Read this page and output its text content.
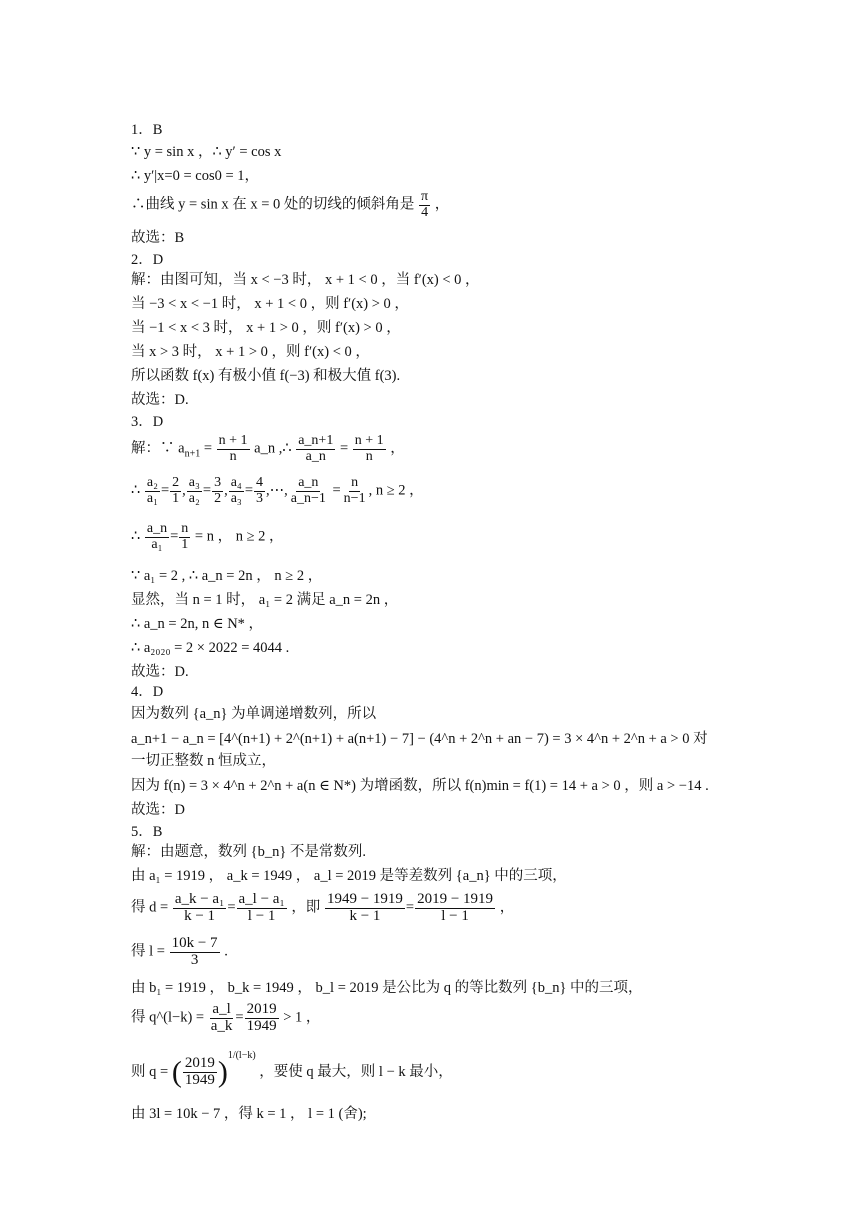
1．B
∵ y = sin x ，∴ y′ = cos x
∴ y′|x=0 = cos0 = 1，
∴曲线 y = sin x 在 x = 0 处的切线的倾斜角是 $\frac{\pi}{4}$ ，
故选：B
2．D
解：由图可知，当 x < −3 时， x + 1 < 0 ，当 f′(x) < 0 ，
当 −3 < x < −1 时， x + 1 < 0 ，则 f′(x) > 0 ，
当 −1 < x < 3 时， x + 1 > 0 ，则 f′(x) > 0 ，
当 x > 3 时， x + 1 > 0 ，则 f′(x) < 0 ，
所以函数 f(x) 有极小值 f(−3) 和极大值 f(3).
故选：D.
3．D
解：∵ $a_{n+1} = \frac{n + 1}{n}$ a_n ,∴ $\frac{a\_n+1}{a\_n} = \frac{n + 1}{n}$ ，
∴ $\frac{\text{a₂}}{\text{a₁}} = \frac{2}{1}$ , $\frac{\text{a₃}}{\text{a₂}} = \frac{3}{2}$ , $\frac{\text{a₄}}{\text{a₃}} = \frac{4}{3}$ ,⋯, $\frac{a\_n}{a\_n-1} = \frac{n}{n-1}$ , n ≥ 2 ，
∴ $\frac{a\_n}{\text{a₁}} = \frac{n}{1} = n$ ， n ≥ 2 ，
∵ a₁ = 2 , ∴ a_n = 2n ， n ≥ 2 ，
显然，当 n = 1 时， a₁ = 2 满足 a_n = 2n ，
∴ a_n = 2n, n ∈ N* ，
∴ a₂₀₂₀ = 2 × 2022 = 4044 .
故选：D.
4．D
因为数列 {a_n} 为单调递增数列，所以
a_n+1 − a_n = [4^(n+1) + 2^(n+1) + a(n+1) − 7] − (4^n + 2^n + an − 7) = 3 × 4^n + 2^n + a > 0 对一切正整数 n 恒成立，
因为 f(n) = 3 × 4^n + 2^n + a(n ∈ N*) 为增函数，所以 f(n)min = f(1) = 14 + a > 0 ，则 a > −14 .
故选：D
5．B
解：由题意，数列 {b_n} 不是常数列.
由 a₁ = 1919 ， a_k = 1949 ， a_l = 2019 是等差数列 {a_n} 中的三项，
得 $d = \frac{\text{a\_k − a₁}}{k - 1} = \frac{\text{a\_l − a₁}}{l - 1}$ ，即 $\frac{1949 - 1919}{k - 1} = \frac{2019 - 1919}{l - 1}$ ，
得 $l = \frac{10k - 7}{3}$ .
由 b₁ = 1919 ， b_k = 1949 ， b_l = 2019 是公比为 q 的等比数列 {b_n} 中的三项，
得 q^(l−k) = $\frac{a\_l}{a\_k} = \frac{2019}{1949} > 1$ ，
则 q = ( $\frac{2019}{1949} )^{1/(l-k)}$ ，要使 q 最大，则 l − k 最小，
由 3l = 10k − 7 ，得 k = 1 ， l = 1 (舍);
